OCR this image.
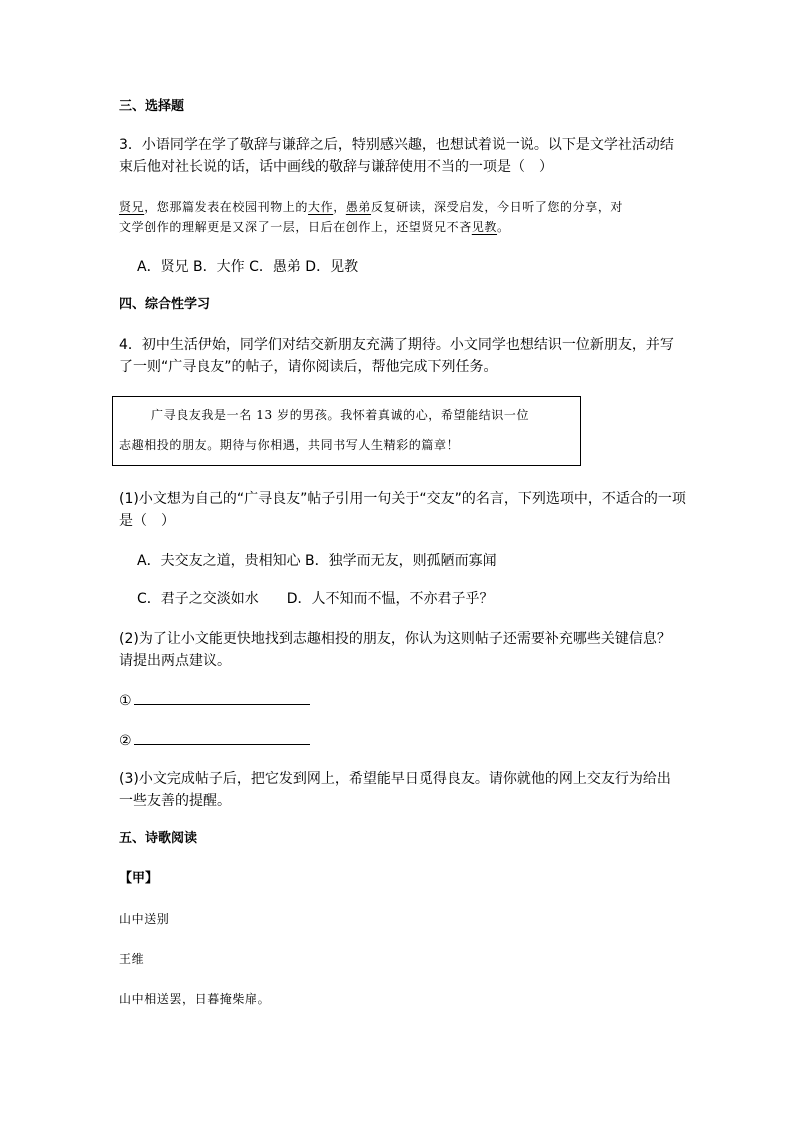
三、选择题
3．小语同学在学了敬辞与谦辞之后，特别感兴趣，也想试着说一说。以下是文学社活动结
束后他对社长说的话，话中画线的敬辞与谦辞使用不当的一项是（　）
贤兄，您那篇发表在校园刊物上的大作，愚弟反复研读，深受启发，今日听了您的分享，对
文学创作的理解更是又深了一层，日后在创作上，还望贤兄不吝见教。
A．贤兄 B．大作 C．愚弟 D．见教
四、综合性学习
4．初中生活伊始，同学们对结交新朋友充满了期待。小文同学也想结识一位新朋友，并写
了一则“广寻良友”的帖子，请你阅读后，帮他完成下列任务。
广寻良友我是一名 13 岁的男孩。我怀着真诚的心，希望能结识一位
志趣相投的朋友。期待与你相遇，共同书写人生精彩的篇章！
(1)小文想为自己的“广寻良友”帖子引用一句关于“交友”的名言，下列选项中，不适合的一项
是（　）
A．夫交友之道，贵相知心 B．独学而无友，则孤陋而寡闻
C．君子之交淡如水　　D．人不知而不愠，不亦君子乎？
(2)为了让小文能更快地找到志趣相投的朋友，你认为这则帖子还需要补充哪些关键信息？
请提出两点建议。
①
②
(3)小文完成帖子后，把它发到网上，希望能早日觅得良友。请你就他的网上交友行为给出
一些友善的提醒。
五、诗歌阅读
【甲】
山中送别
王维
山中相送罢，日暮掩柴扉。
